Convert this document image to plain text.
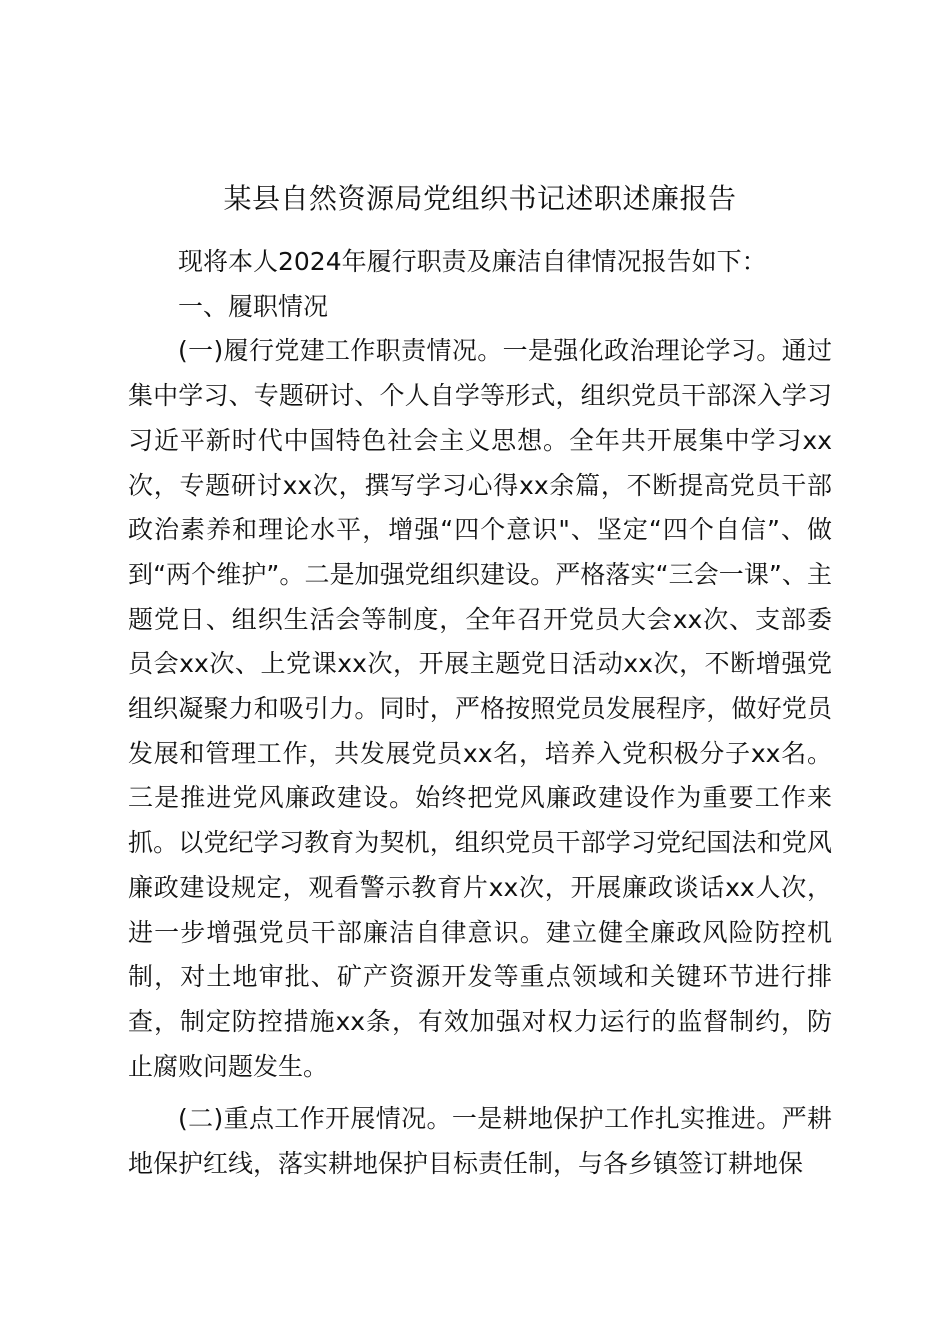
某县自然资源局党组织书记述职述廉报告

现将本人2024年履行职责及廉洁自律情况报告如下：

一、履职情况

(一)履行党建工作职责情况。一是强化政治理论学习。通过集中学习、专题研讨、个人自学等形式，组织党员干部深入学习习近平新时代中国特色社会主义思想。全年共开展集中学习xx次，专题研讨xx次，撰写学习心得xx余篇，不断提高党员干部政治素养和理论水平，增强“四个意识"、坚定“四个自信”、做到“两个维护”。二是加强党组织建设。严格落实“三会一课”、主题党日、组织生活会等制度，全年召开党员大会xx次、支部委员会xx次、上党课xx次，开展主题党日活动xx次，不断增强党组织凝聚力和吸引力。同时，严格按照党员发展程序，做好党员发展和管理工作，共发展党员xx名，培养入党积极分子xx名。三是推进党风廉政建设。始终把党风廉政建设作为重要工作来抓。以党纪学习教育为契机，组织党员干部学习党纪国法和党风廉政建设规定，观看警示教育片xx次，开展廉政谈话xx人次，进一步增强党员干部廉洁自律意识。建立健全廉政风险防控机制，对土地审批、矿产资源开发等重点领域和关键环节进行排查，制定防控措施xx条，有效加强对权力运行的监督制约，防止腐败问题发生。

(二)重点工作开展情况。一是耕地保护工作扎实推进。严耕地保护红线，落实耕地保护目标责任制，与各乡镇签订耕地保
